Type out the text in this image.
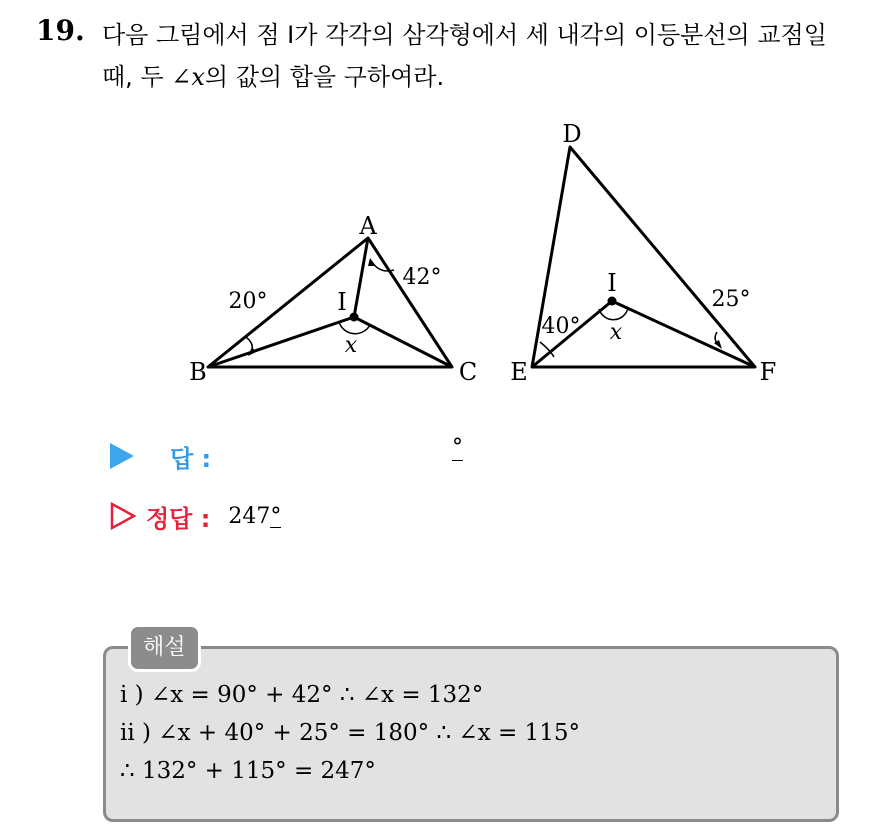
19. 다음 그림에서 점 I가 각각의 삼각형에서 세 내각의 이등분선의 교점일
때, 두 ∠x의 값의 합을 구하여라.
A
B	C
I
20°
42°
x
D
E	F
I
40°
25°
x
답 :	°
정답 : 247°
해설
i ) ∠x = 90° + 42° ∴ ∠x = 132°
ii ) ∠x + 40° + 25° = 180° ∴ ∠x = 115°
∴ 132° + 115° = 247°
